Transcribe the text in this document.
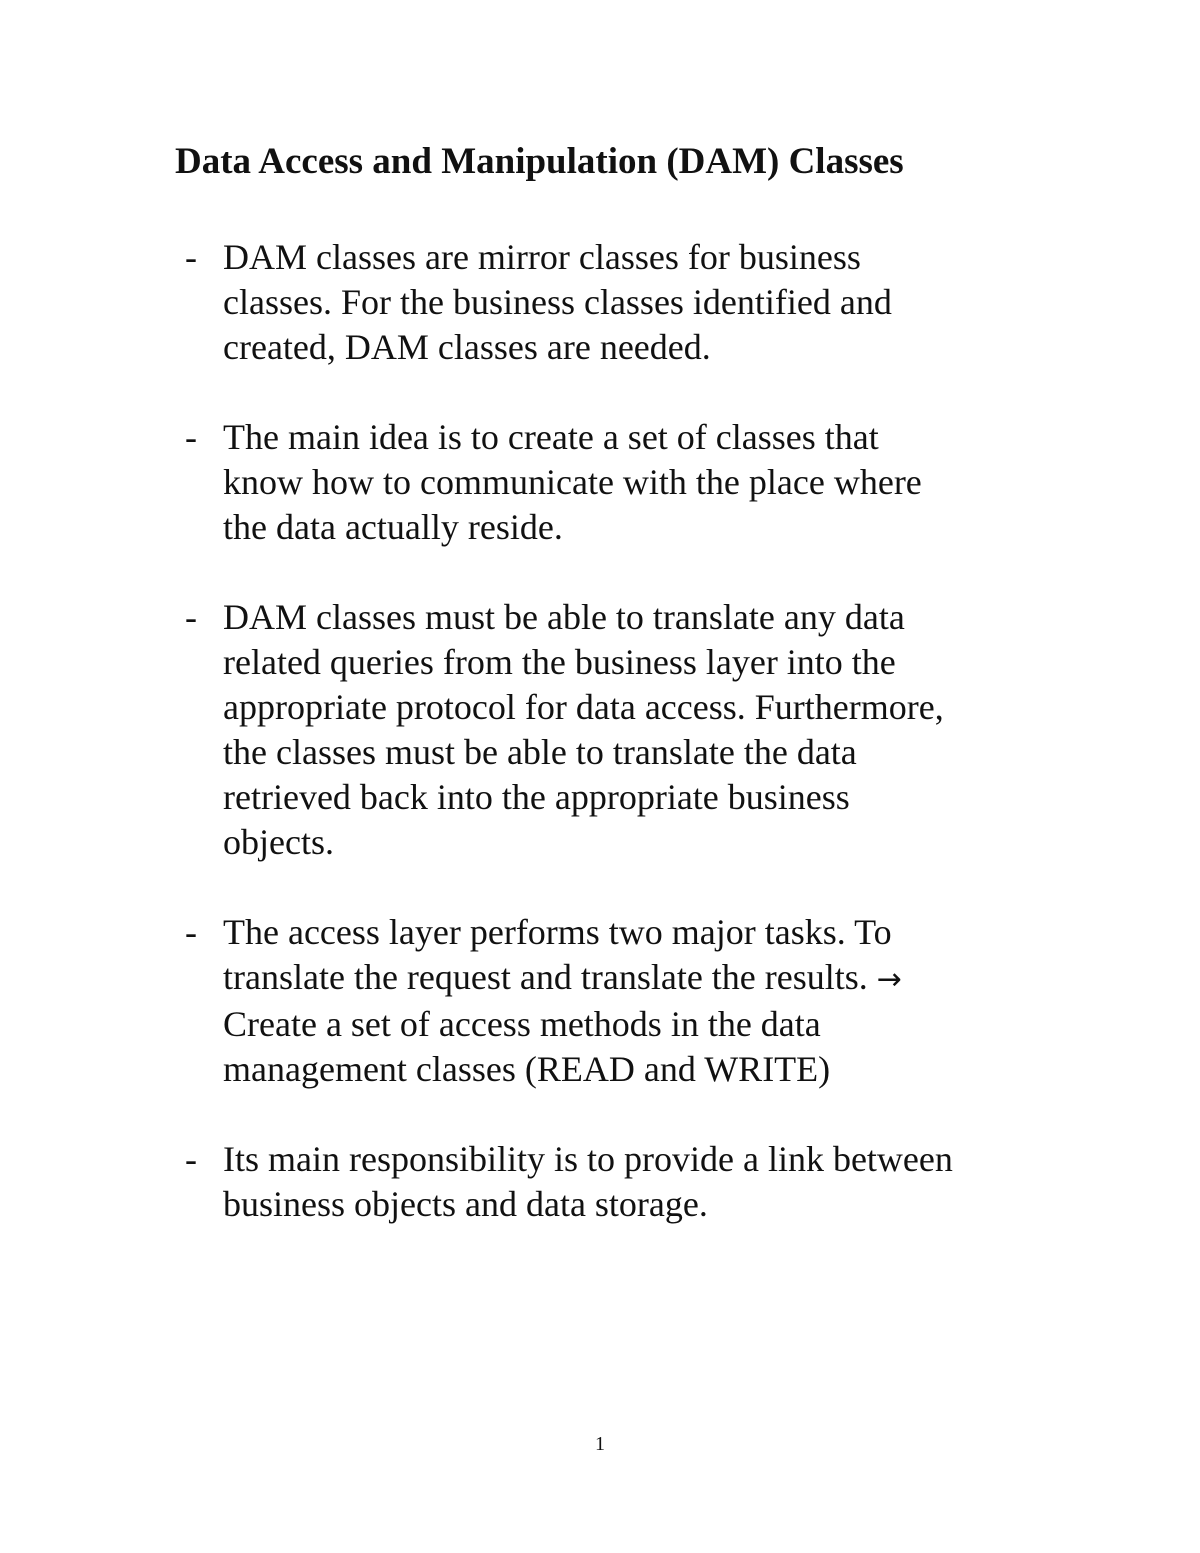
Data Access and Manipulation (DAM) Classes
- DAM classes are mirror classes for business
classes. For the business classes identified and
created, DAM classes are needed.
- The main idea is to create a set of classes that
know how to communicate with the place where
the data actually reside.
- DAM classes must be able to translate any data
related queries from the business layer into the
appropriate protocol for data access. Furthermore,
the classes must be able to translate the data
retrieved back into the appropriate business
objects.
- The access layer performs two major tasks. To
translate the request and translate the results. →
Create a set of access methods in the data
management classes (READ and WRITE)
- Its main responsibility is to provide a link between
business objects and data storage.
1
